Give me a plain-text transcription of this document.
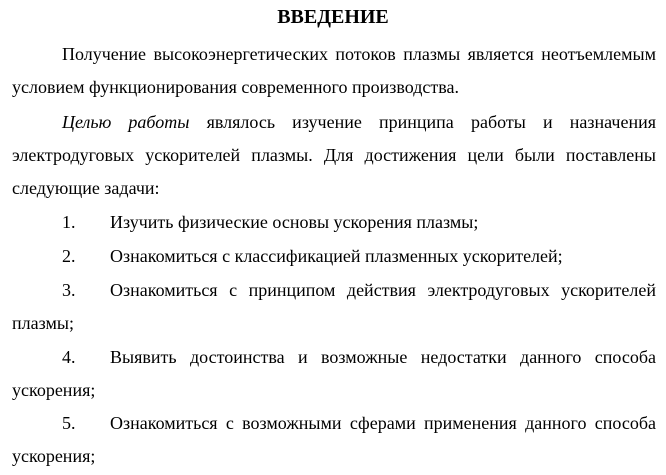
ВВЕДЕНИЕ
Получение высокоэнергетических потоков плазмы является неотъемлемым условием функционирования современного производства.
Целью работы являлось изучение принципа работы и назначения электродуговых ускорителей плазмы. Для достижения цели были поставлены следующие задачи:
1.	Изучить физические основы ускорения плазмы;
2.	Ознакомиться с классификацией плазменных ускорителей;
3.	Ознакомиться с принципом действия электродуговых ускорителей плазмы;
4.	Выявить достоинства и возможные недостатки данного способа ускорения;
5.	Ознакомиться с возможными сферами применения данного способа ускорения;
